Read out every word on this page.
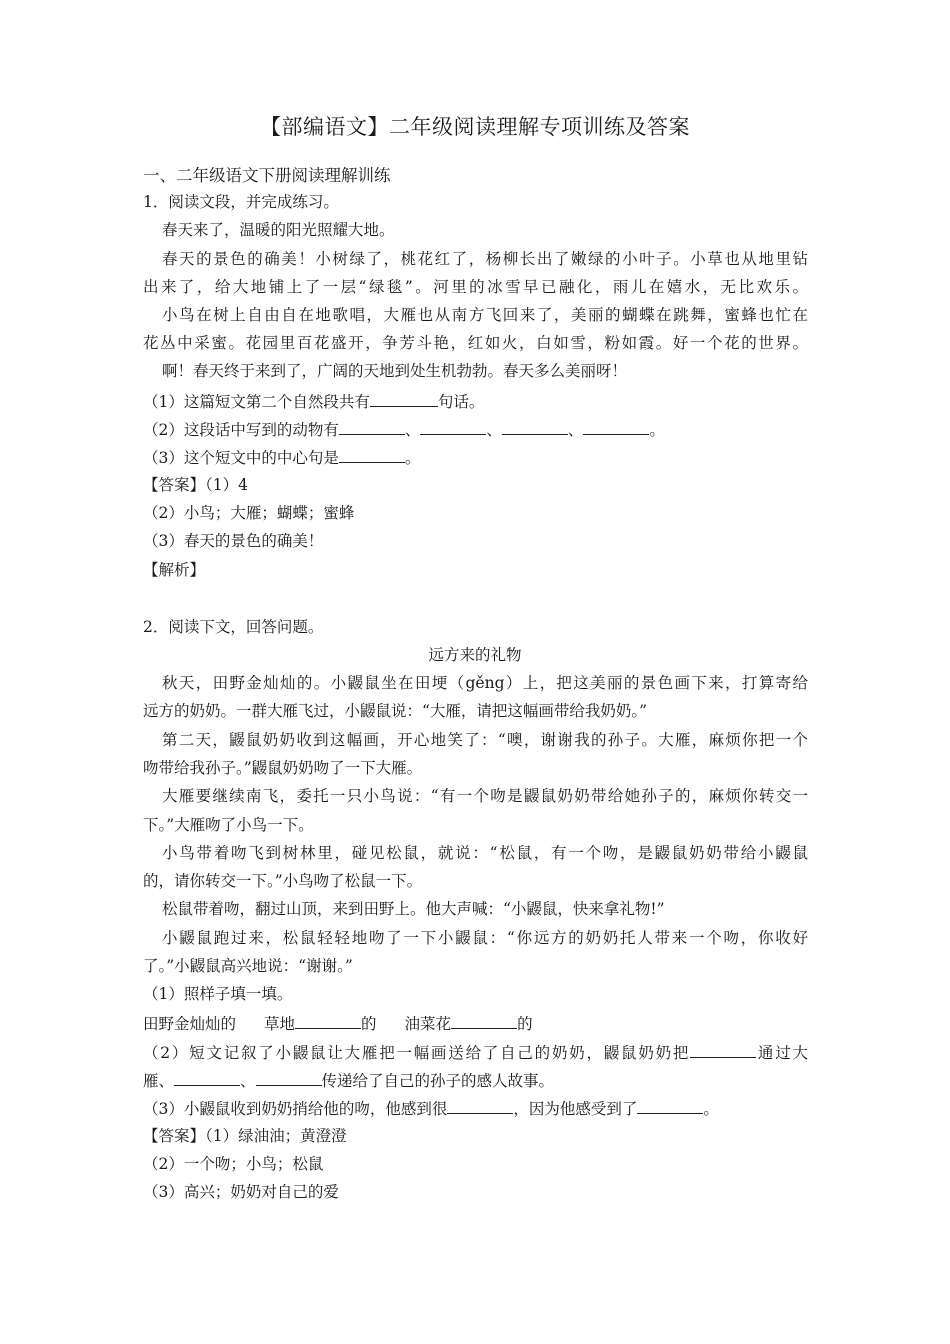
【部编语文】二年级阅读理解专项训练及答案
一、二年级语文下册阅读理解训练
1．阅读文段，并完成练习。
春天来了，温暖的阳光照耀大地。
春天的景色的确美！小树绿了，桃花红了，杨柳长出了嫩绿的小叶子。小草也从地里钻
出来了，给大地铺上了一层“绿毯”。河里的冰雪早已融化，雨儿在嬉水，无比欢乐。
小鸟在树上自由自在地歌唱，大雁也从南方飞回来了，美丽的蝴蝶在跳舞，蜜蜂也忙在
花丛中采蜜。花园里百花盛开，争芳斗艳，红如火，白如雪，粉如霞。好一个花的世界。
啊！春天终于来到了，广阔的天地到处生机勃勃。春天多么美丽呀！
（1）这篇短文第二个自然段共有	句话。
（2）这段话中写到的动物有	、	、	、	。
（3）这个短文中的中心句是	。
【答案】（1）4
（2）小鸟；大雁；蝴蝶；蜜蜂
（3）春天的景色的确美！
【解析】
2．阅读下文，回答问题。
远方来的礼物
秋天，田野金灿灿的。小鼹鼠坐在田埂（gěng）上，把这美丽的景色画下来，打算寄给
远方的奶奶。一群大雁飞过，小鼹鼠说：“大雁，请把这幅画带给我奶奶。”
第二天，鼹鼠奶奶收到这幅画，开心地笑了：“噢，谢谢我的孙子。大雁，麻烦你把一个
吻带给我孙子。”鼹鼠奶奶吻了一下大雁。
大雁要继续南飞，委托一只小鸟说：“有一个吻是鼹鼠奶奶带给她孙子的，麻烦你转交一
下。”大雁吻了小鸟一下。
小鸟带着吻飞到树林里，碰见松鼠，就说：“松鼠，有一个吻，是鼹鼠奶奶带给小鼹鼠
的，请你转交一下。”小鸟吻了松鼠一下。
松鼠带着吻，翻过山顶，来到田野上。他大声喊：“小鼹鼠，快来拿礼物!”
小鼹鼠跑过来，松鼠轻轻地吻了一下小鼹鼠：“你远方的奶奶托人带来一个吻，你收好
了。”小鼹鼠高兴地说：“谢谢。”
（1）照样子填一填。
田野金灿灿的 草地	的 油菜花	的
（2）短文记叙了小鼹鼠让大雁把一幅画送给了自己的奶奶，鼹鼠奶奶把	通过大
雁、	、	传递给了自己的孙子的感人故事。
（3）小鼹鼠收到奶奶捎给他的吻，他感到很	，因为他感受到了	。
【答案】（1）绿油油；黄澄澄
（2）一个吻；小鸟；松鼠
（3）高兴；奶奶对自己的爱
